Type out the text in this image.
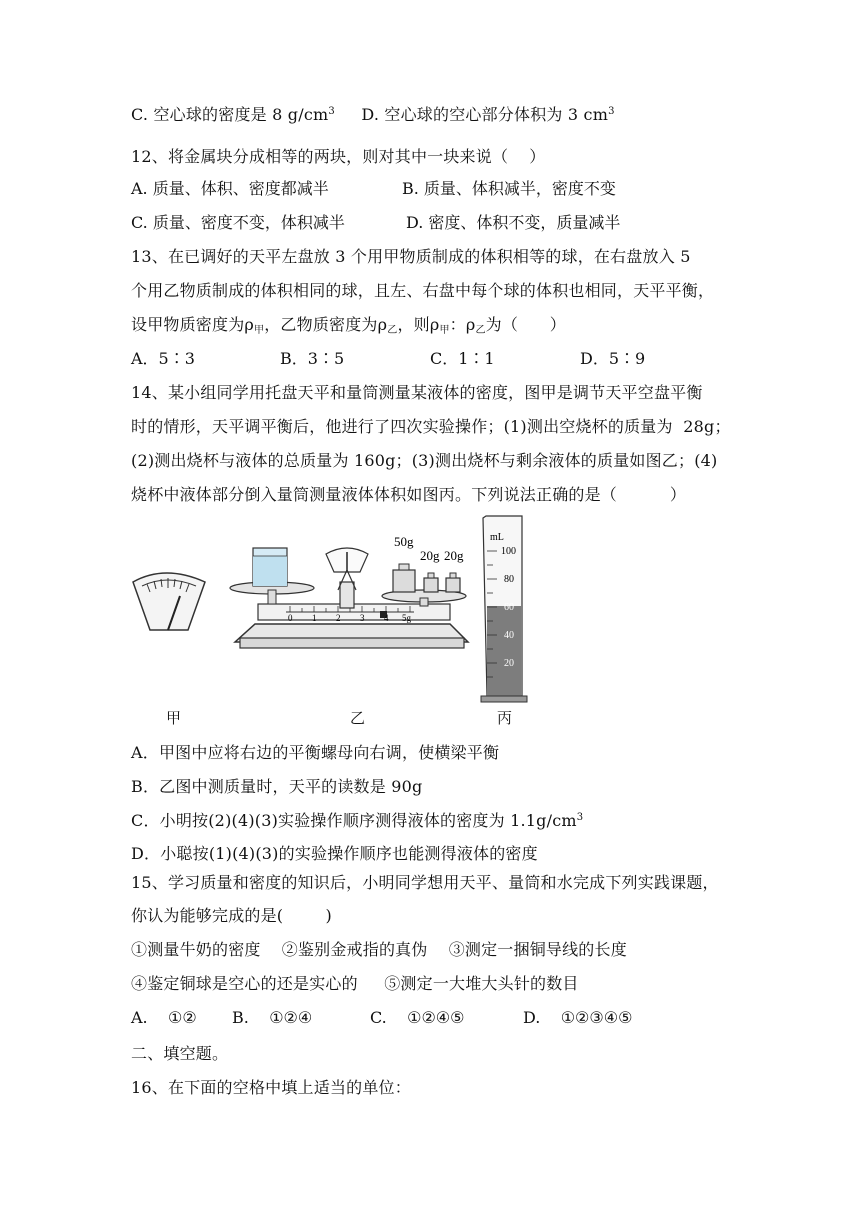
C. 空心球的密度是 8 $g/cm^3$ D. 空心球的空心部分体积为 3 $cm^3$
12、将金属块分成相等的两块，则对其中一块来说（    ）
A. 质量、体积、密度都减半	B. 质量、体积减半，密度不变
C. 质量、密度不变，体积减半	D. 密度、体积不变，质量减半
13、在已调好的天平左盘放 3 个用甲物质制成的体积相等的球，在右盘放入 5
个用乙物质制成的体积相同的球，且左、右盘中每个球的体积也相同，天平平衡，
设甲物质密度为$\rho_甲$，乙物质密度为$\rho_乙$，则$\rho_甲$：$\rho_乙$为（      ）
A．5∶3	B．3∶5	C．1∶1	D．5∶9
14、某小组同学用托盘天平和量筒测量某液体的密度，图甲是调节天平空盘平衡
时的情形，天平调平衡后，他进行了四次实验操作；(1)测出空烧杯的质量为  28g；
(2)测出烧杯与液体的总质量为 160g；(3)测出烧杯与剩余液体的质量如图乙；(4)
烧杯中液体部分倒入量筒测量液体体积如图丙。下列说法正确的是（          ）
0 1 2 3 4 5g
50g
20g 20g
mL
100
80
60
40
20
甲	乙	丙
A．甲图中应将右边的平衡螺母向右调，使横梁平衡
B．乙图中测质量时，天平的读数是 90g
C．小明按(2)(4)(3)实验操作顺序测得液体的密度为 $1.1g/cm^3$
D．小聪按(1)(4)(3)的实验操作顺序也能测得液体的密度
15、学习质量和密度的知识后，小明同学想用天平、量筒和水完成下列实践课题，
你认为能够完成的是(        )
①测量牛奶的密度    ②鉴别金戒指的真伪    ③测定一捆铜导线的长度
④鉴定铜球是空心的还是实心的     ⑤测定一大堆大头针的数目
A.    ①② B.    ①②④	C.    ①②④⑤	D.    ①②③④⑤
二、填空题。
16、在下面的空格中填上适当的单位：
